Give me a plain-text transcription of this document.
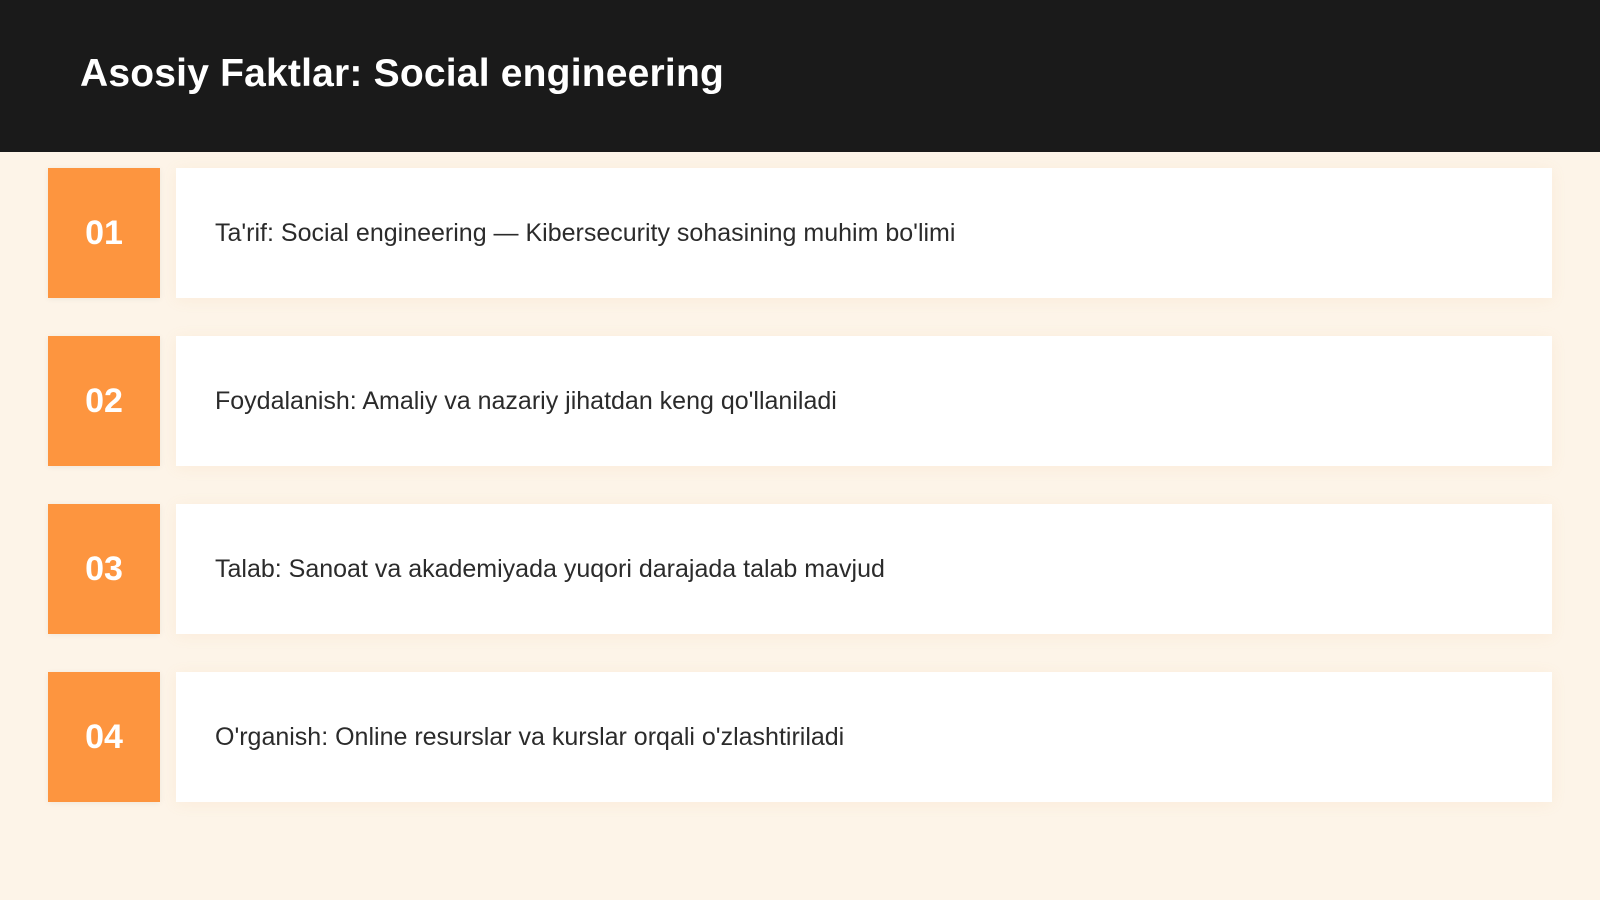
Asosiy Faktlar: Social engineering
01	Ta'rif: Social engineering — Kibersecurity sohasining muhim bo'limi
02	Foydalanish: Amaliy va nazariy jihatdan keng qo'llaniladi
03	Talab: Sanoat va akademiyada yuqori darajada talab mavjud
04	O'rganish: Online resurslar va kurslar orqali o'zlashtiriladi
